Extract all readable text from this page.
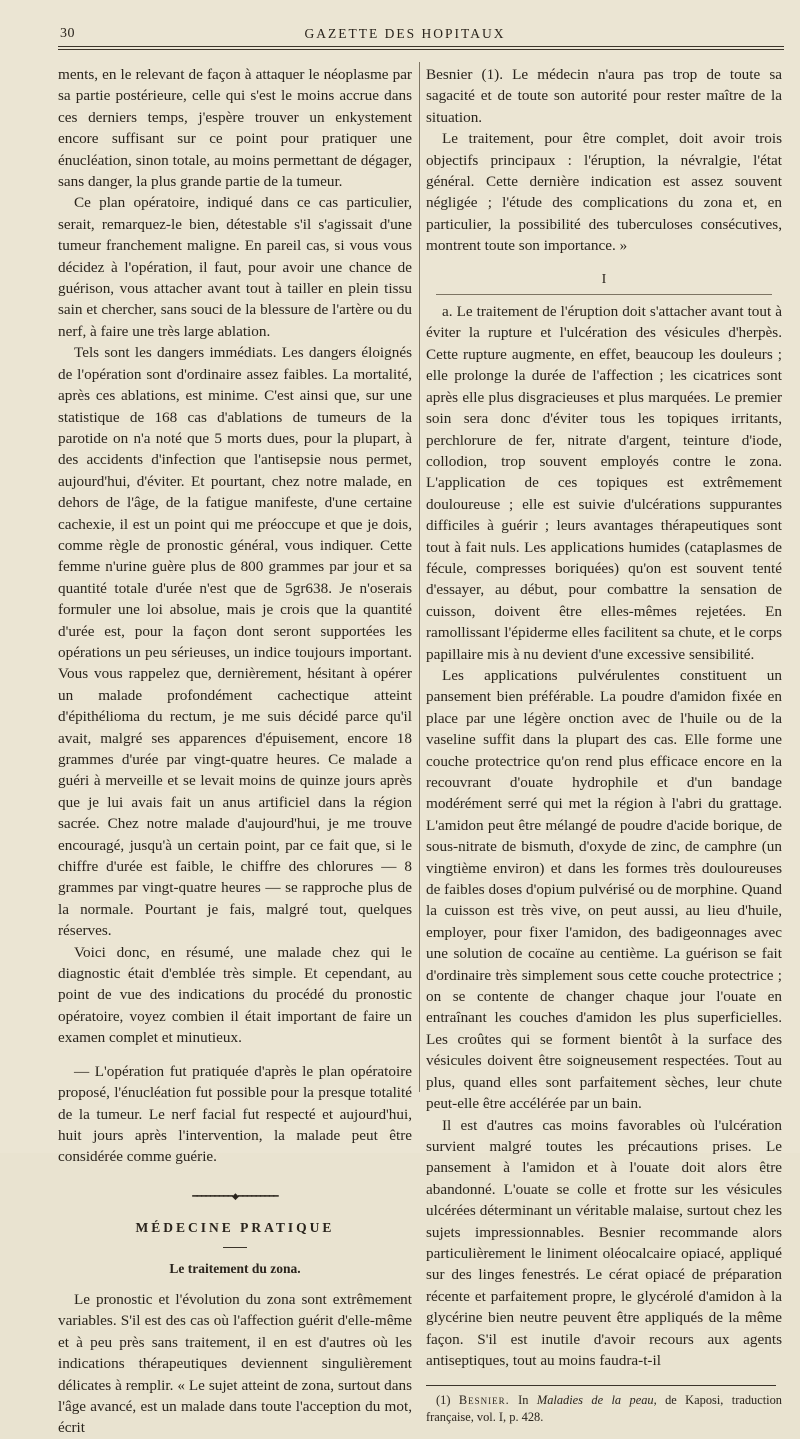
30	GAZETTE DES HOPITAUX

ments, en le relevant de façon à attaquer le néoplasme par sa partie postérieure, celle qui s'est le moins accrue dans ces derniers temps, j'espère trouver un enkystement encore suffisant sur ce point pour pratiquer une énucléation, sinon totale, au moins permettant de dégager, sans danger, la plus grande partie de la tumeur.

Ce plan opératoire, indiqué dans ce cas particulier, serait, remarquez-le bien, détestable s'il s'agissait d'une tumeur franchement maligne. En pareil cas, si vous vous décidez à l'opération, il faut, pour avoir une chance de guérison, vous attacher avant tout à tailler en plein tissu sain et chercher, sans souci de la blessure de l'artère ou du nerf, à faire une très large ablation.

Tels sont les dangers immédiats. Les dangers éloignés de l'opération sont d'ordinaire assez faibles. La mortalité, après ces ablations, est minime. C'est ainsi que, sur une statistique de 168 cas d'ablations de tumeurs de la parotide on n'a noté que 5 morts dues, pour la plupart, à des accidents d'infection que l'antisepsie nous permet, aujourd'hui, d'éviter. Et pourtant, chez notre malade, en dehors de l'âge, de la fatigue manifeste, d'une certaine cachexie, il est un point qui me préoccupe et que je dois, comme règle de pronostic général, vous indiquer. Cette femme n'urine guère plus de 800 grammes par jour et sa quantité totale d'urée n'est que de 5gr638. Je n'oserais formuler une loi absolue, mais je crois que la quantité d'urée est, pour la façon dont seront supportées les opérations un peu sérieuses, un indice toujours important. Vous vous rappelez que, dernièrement, hésitant à opérer un malade profondément cachectique atteint d'épithélioma du rectum, je me suis décidé parce qu'il avait, malgré ses apparences d'épuisement, encore 18 grammes d'urée par vingt-quatre heures. Ce malade a guéri à merveille et se levait moins de quinze jours après que je lui avais fait un anus artificiel dans la région sacrée. Chez notre malade d'aujourd'hui, je me trouve encouragé, jusqu'à un certain point, par ce fait que, si le chiffre d'urée est faible, le chiffre des chlorures — 8 grammes par vingt-quatre heures — se rapproche plus de la normale. Pourtant je fais, malgré tout, quelques réserves.

Voici donc, en résumé, une malade chez qui le diagnostic était d'emblée très simple. Et cependant, au point de vue des indications du procédé du pronostic opératoire, voyez combien il était important de faire un examen complet et minutieux.

— L'opération fut pratiquée d'après le plan opératoire proposé, l'énucléation fut possible pour la presque totalité de la tumeur. Le nerf facial fut respecté et aujourd'hui, huit jours après l'intervention, la malade peut être considérée comme guérie.

━━━━━━━━━◆━━━━━━━━━
MÉDECINE PRATIQUE
Le traitement du zona.

Le pronostic et l'évolution du zona sont extrêmement variables. S'il est des cas où l'affection guérit d'elle-même et à peu près sans traitement, il en est d'autres où les indications thérapeutiques deviennent singulièrement délicates à remplir. « Le sujet atteint de zona, surtout dans l'âge avancé, est un malade dans toute l'acception du mot, écrit

Besnier (1). Le médecin n'aura pas trop de toute sa sagacité et de toute son autorité pour rester maître de la situation.

Le traitement, pour être complet, doit avoir trois objectifs principaux : l'éruption, la névralgie, l'état général. Cette dernière indication est assez souvent négligée ; l'étude des complications du zona et, en particulier, la possibilité des tuberculoses consécutives, montrent toute son importance. »

I

a. Le traitement de l'éruption doit s'attacher avant tout à éviter la rupture et l'ulcération des vésicules d'herpès. Cette rupture augmente, en effet, beaucoup les douleurs ; elle prolonge la durée de l'affection ; les cicatrices sont après elle plus disgracieuses et plus marquées. Le premier soin sera donc d'éviter tous les topiques irritants, perchlorure de fer, nitrate d'argent, teinture d'iode, collodion, trop souvent employés contre le zona. L'application de ces topiques est extrêmement douloureuse ; elle est suivie d'ulcérations suppurantes difficiles à guérir ; leurs avantages thérapeutiques sont tout à fait nuls. Les applications humides (cataplasmes de fécule, compresses boriquées) qu'on est souvent tenté d'essayer, au début, pour combattre la sensation de cuisson, doivent être elles-mêmes rejetées. En ramollissant l'épiderme elles facilitent sa chute, et le corps papillaire mis à nu devient d'une excessive sensibilité.

Les applications pulvérulentes constituent un pansement bien préférable. La poudre d'amidon fixée en place par une légère onction avec de l'huile ou de la vaseline suffit dans la plupart des cas. Elle forme une couche protectrice qu'on rend plus efficace encore en la recouvrant d'ouate hydrophile et d'un bandage modérément serré qui met la région à l'abri du grattage. L'amidon peut être mélangé de poudre d'acide borique, de sous-nitrate de bismuth, d'oxyde de zinc, de camphre (un vingtième environ) et dans les formes très douloureuses de faibles doses d'opium pulvérisé ou de morphine. Quand la cuisson est très vive, on peut aussi, au lieu d'huile, employer, pour fixer l'amidon, des badigeonnages avec une solution de cocaïne au centième. La guérison se fait d'ordinaire très simplement sous cette couche protectrice ; on se contente de changer chaque jour l'ouate en entraînant les couches d'amidon les plus superficielles. Les croûtes qui se forment bientôt à la surface des vésicules doivent être soigneusement respectées. Tout au plus, quand elles sont parfaitement sèches, leur chute peut-elle être accélérée par un bain.

Il est d'autres cas moins favorables où l'ulcération survient malgré toutes les précautions prises. Le pansement à l'amidon et à l'ouate doit alors être abandonné. L'ouate se colle et frotte sur les vésicules ulcérées déterminant un véritable malaise, surtout chez les sujets impressionnables. Besnier recommande alors particulièrement le liniment oléocalcaire opiacé, appliqué sur des linges fenestrés. Le cérat opiacé de préparation récente et parfaitement propre, le glycérolé d'amidon à la glycérine bien neutre peuvent être appliqués de la même façon. S'il est inutile d'avoir recours aux agents antiseptiques, tout au moins faudra-t-il

(1) Besnier. In Maladies de la peau, de Kaposi, traduction française, vol. I, p. 428.
